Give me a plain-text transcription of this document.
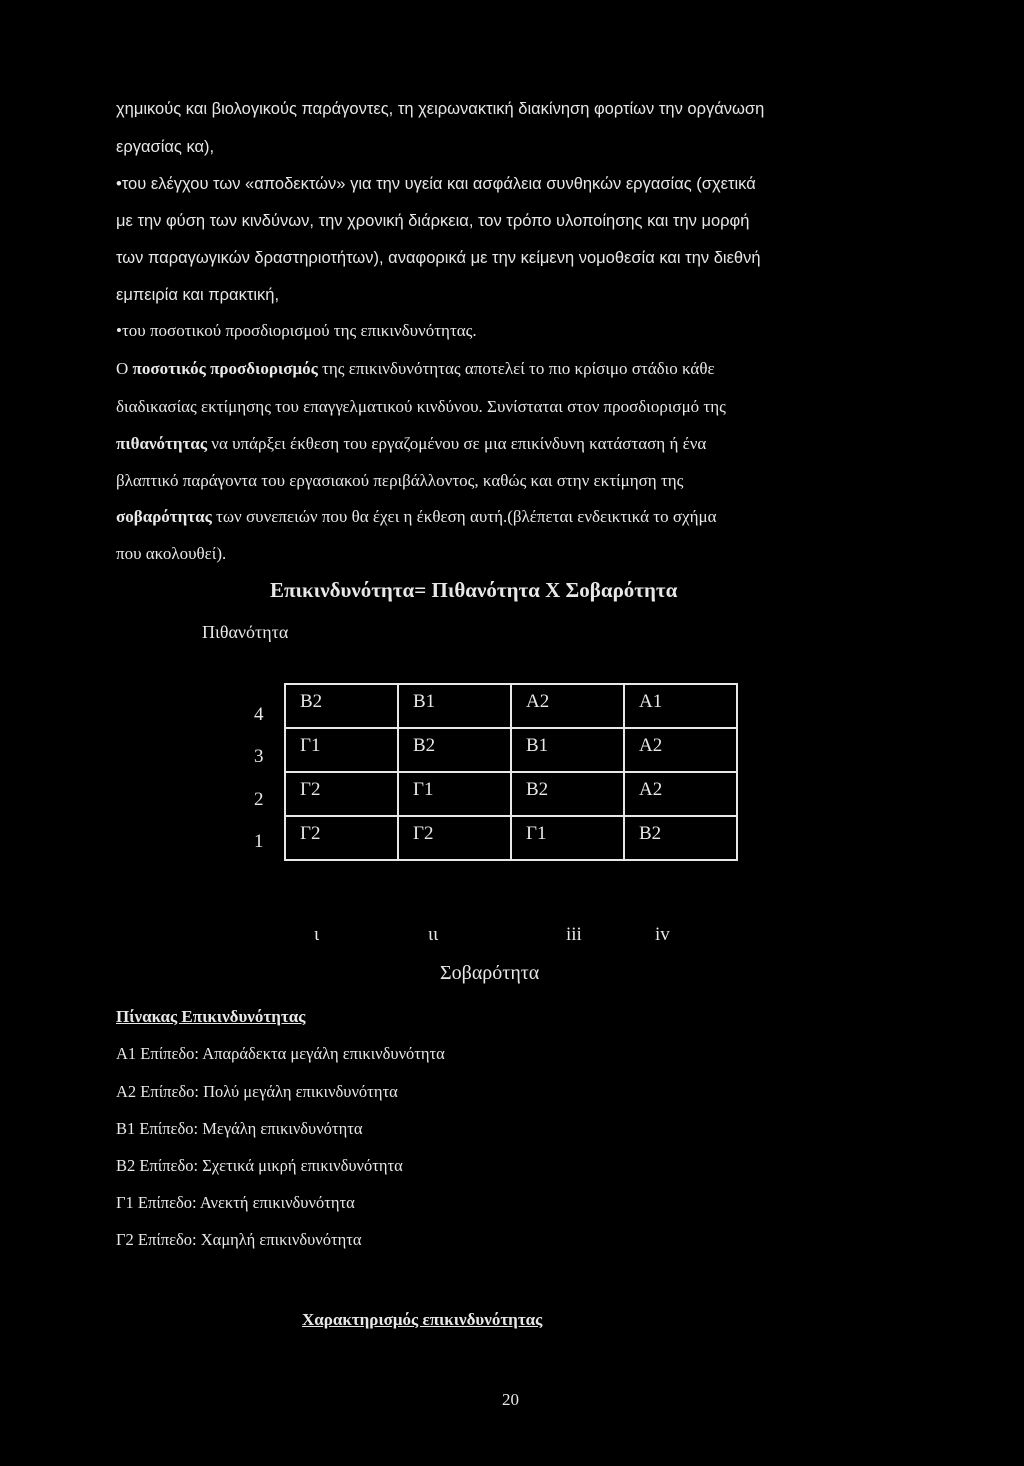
χημικούς και βιολογικούς παράγοντες, τη χειρωνακτική διακίνηση φορτίων την οργάνωση
εργασίας κα),
•του ελέγχου των «αποδεκτών» για την υγεία και ασφάλεια συνθηκών εργασίας (σχετικά
με την φύση των κινδύνων, την χρονική διάρκεια, τον τρόπο υλοποίησης και την μορφή
των παραγωγικών δραστηριοτήτων), αναφορικά με την κείμενη νομοθεσία και την διεθνή
εμπειρία και πρακτική,
•του ποσοτικού προσδιορισμού της επικινδυνότητας.
Ο ποσοτικός προσδιορισμός της επικινδυνότητας αποτελεί το πιο κρίσιμο στάδιο κάθε
διαδικασίας εκτίμησης του επαγγελματικού κινδύνου. Συνίσταται στον προσδιορισμό της
πιθανότητας να υπάρξει έκθεση του εργαζομένου σε μια επικίνδυνη κατάσταση ή ένα
βλαπτικό παράγοντα του εργασιακού περιβάλλοντος, καθώς και στην εκτίμηση της
σοβαρότητας των συνεπειών που θα έχει η έκθεση αυτή.(βλέπεται ενδεικτικά το σχήμα
που ακολουθεί).
Επικινδυνότητα= Πιθανότητα Χ Σοβαρότητα
Πιθανότητα
4
3
2
1
Β2	Β1	Α2	Α1
Γ1	Β2	Β1	Α2
Γ2	Γ1	Β2	Α2
Γ2	Γ2	Γ1	Β2
ι	ιι	iii	iv
Σοβαρότητα
Πίνακας Επικινδυνότητας
Α1 Επίπεδο: Απαράδεκτα μεγάλη επικινδυνότητα
Α2 Επίπεδο: Πολύ μεγάλη επικινδυνότητα
Β1 Επίπεδο: Μεγάλη επικινδυνότητα
Β2 Επίπεδο: Σχετικά μικρή επικινδυνότητα
Γ1 Επίπεδο: Ανεκτή επικινδυνότητα
Γ2 Επίπεδο: Χαμηλή επικινδυνότητα
Χαρακτηρισμός επικινδυνότητας
20
